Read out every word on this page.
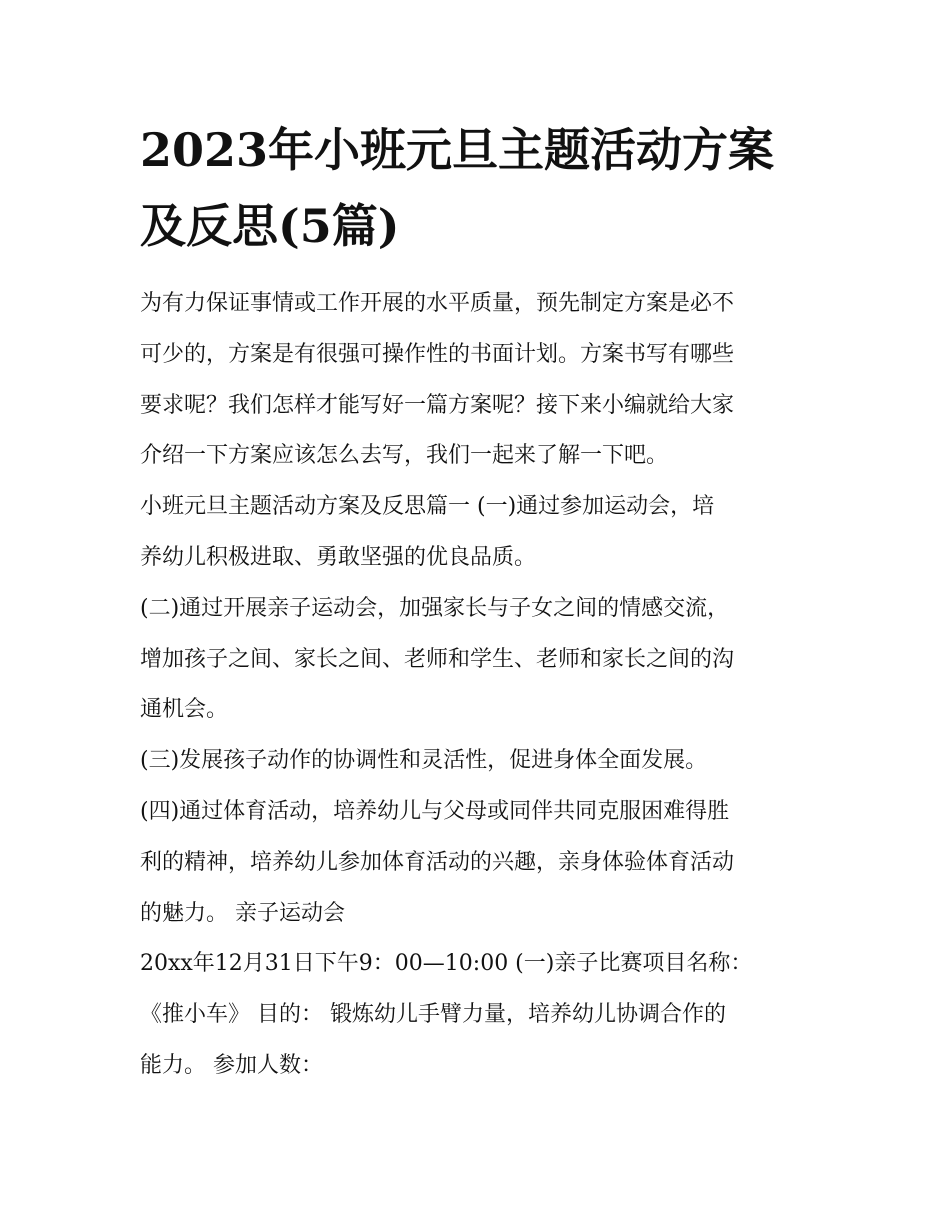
2023年小班元旦主题活动方案
及反思(5篇)
为有力保证事情或工作开展的水平质量，预先制定方案是必不
可少的，方案是有很强可操作性的书面计划。方案书写有哪些
要求呢？我们怎样才能写好一篇方案呢？接下来小编就给大家
介绍一下方案应该怎么去写，我们一起来了解一下吧。
小班元旦主题活动方案及反思篇一 (一)通过参加运动会，培
养幼儿积极进取、勇敢坚强的优良品质。
(二)通过开展亲子运动会，加强家长与子女之间的情感交流，
增加孩子之间、家长之间、老师和学生、老师和家长之间的沟
通机会。
(三)发展孩子动作的协调性和灵活性，促进身体全面发展。
(四)通过体育活动，培养幼儿与父母或同伴共同克服困难得胜
利的精神，培养幼儿参加体育活动的兴趣，亲身体验体育活动
的魅力。 亲子运动会
20xx年12月31日下午9：00—10:00 (一)亲子比赛项目名称：
《推小车》 目的： 锻炼幼儿手臂力量，培养幼儿协调合作的
能力。 参加人数：
